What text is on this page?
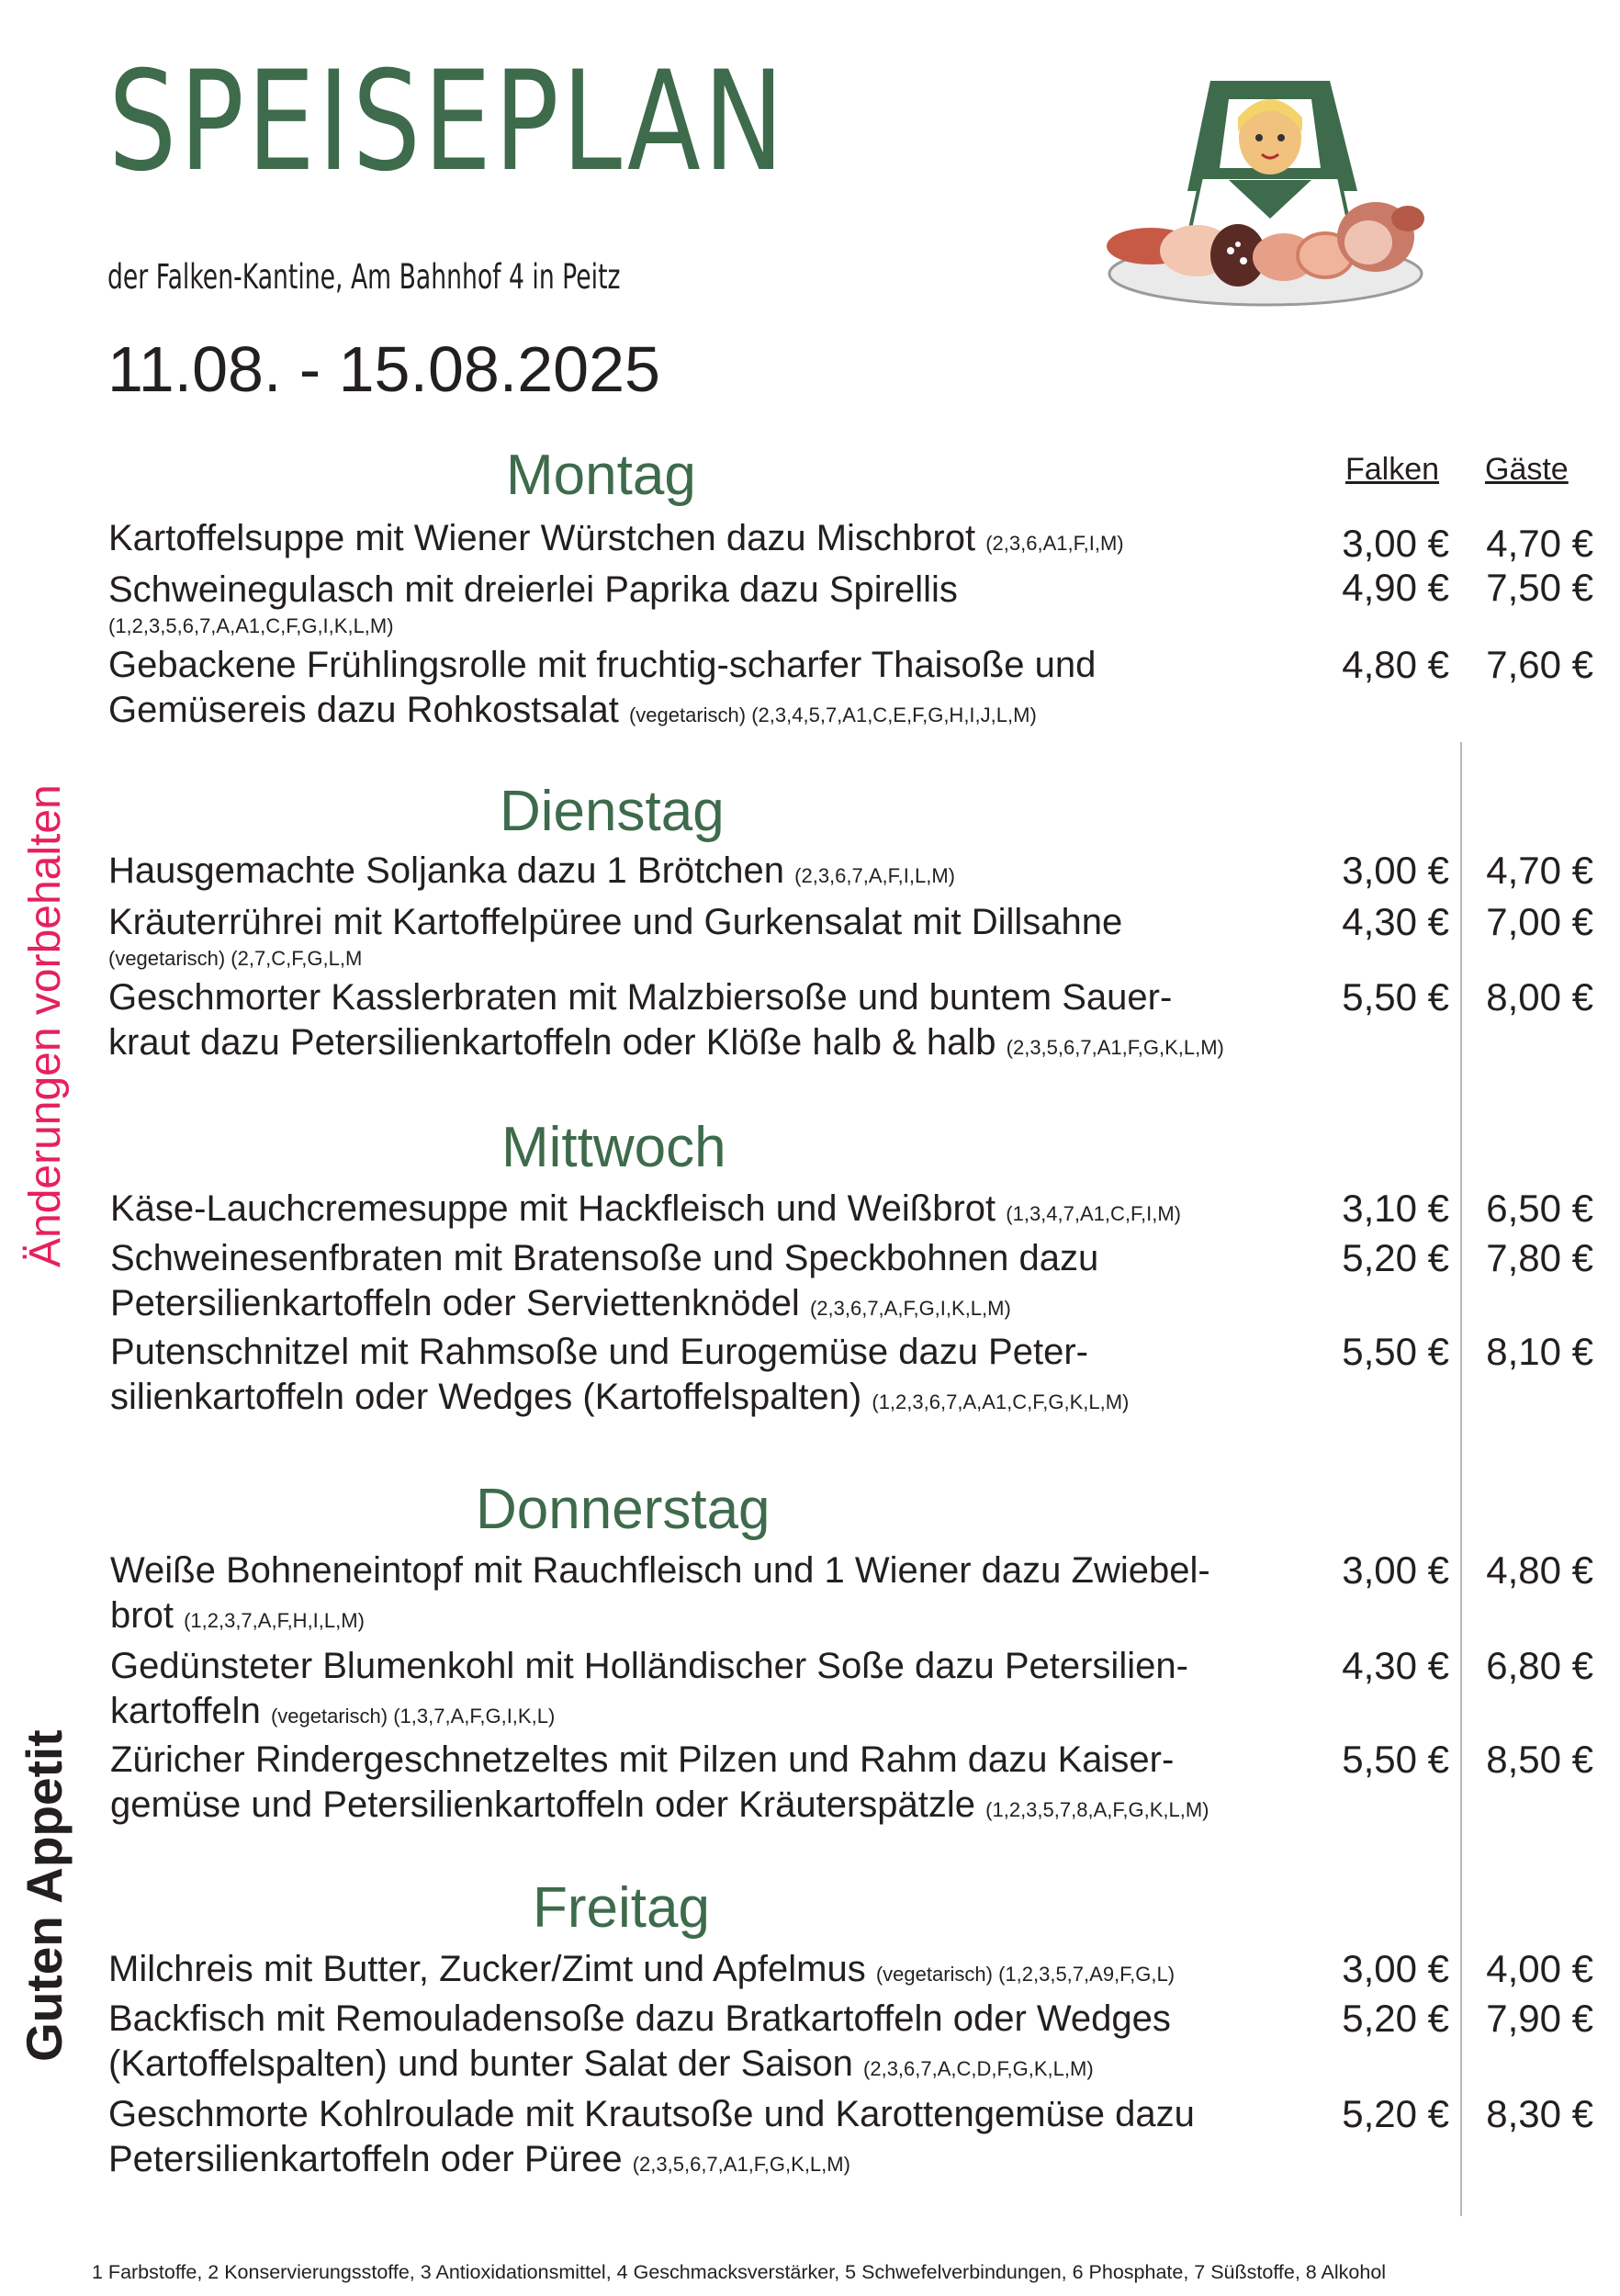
SPEISEPLAN
der Falken-Kantine, Am Bahnhof 4 in Peitz
11.08. - 15.08.2025
Änderungen vorbehalten
Guten Appetit
Falken Gäste
Montag
Kartoffelsuppe mit Wiener Würstchen dazu Mischbrot (2,3,6,A1,F,I,M)	3,00 € 4,70 €
Schweinegulasch mit dreierlei Paprika dazu Spirellis
(1,2,3,5,6,7,A,A1,C,F,G,I,K,L,M)
4,90 € 7,50 €
Gebackene Frühlingsrolle mit fruchtig-scharfer Thaisoße und
Gemüsereis dazu Rohkostsalat (vegetarisch) (2,3,4,5,7,A1,C,E,F,G,H,I,J,L,M)
4,80 € 7,60 €
Dienstag
Hausgemachte Soljanka dazu 1 Brötchen (2,3,6,7,A,F,I,L,M)	3,00 € 4,70 €
Kräuterrührei mit Kartoffelpüree und Gurkensalat mit Dillsahne
(vegetarisch) (2,7,C,F,G,L,M
4,30 € 7,00 €
Geschmorter Kasslerbraten mit Malzbiersoße und buntem Sauer-
kraut dazu Petersilienkartoffeln oder Klöße halb & halb (2,3,5,6,7,A1,F,G,K,L,M)
5,50 € 8,00 €
Mittwoch
Käse-Lauchcremesuppe mit Hackfleisch und Weißbrot (1,3,4,7,A1,C,F,I,M)	3,10 € 6,50 €
Schweinesenfbraten mit Bratensoße und Speckbohnen dazu
Petersilienkartoffeln oder Serviettenknödel (2,3,6,7,A,F,G,I,K,L,M)
5,20 € 7,80 €
Putenschnitzel mit Rahmsoße und Eurogemüse dazu Peter-
silienkartoffeln oder Wedges (Kartoffelspalten) (1,2,3,6,7,A,A1,C,F,G,K,L,M)
5,50 € 8,10 €
Donnerstag
Weiße Bohneneintopf mit Rauchfleisch und 1 Wiener dazu Zwiebel-
brot (1,2,3,7,A,F,H,I,L,M)
3,00 € 4,80 €
Gedünsteter Blumenkohl mit Holländischer Soße dazu Petersilien-
kartoffeln (vegetarisch) (1,3,7,A,F,G,I,K,L)
4,30 € 6,80 €
Züricher Rindergeschnetzeltes mit Pilzen und Rahm dazu Kaiser-
gemüse und Petersilienkartoffeln oder Kräuterspätzle (1,2,3,5,7,8,A,F,G,K,L,M)
5,50 € 8,50 €
Freitag
Milchreis mit Butter, Zucker/Zimt und Apfelmus (vegetarisch) (1,2,3,5,7,A9,F,G,L)	3,00 € 4,00 €
Backfisch mit Remouladensoße dazu Bratkartoffeln oder Wedges
(Kartoffelspalten) und bunter Salat der Saison (2,3,6,7,A,C,D,F,G,K,L,M)
5,20 € 7,90 €
Geschmorte Kohlroulade mit Krautsoße und Karottengemüse dazu
Petersilienkartoffeln oder Püree (2,3,5,6,7,A1,F,G,K,L,M)
5,20 € 8,30 €
1 Farbstoffe, 2 Konservierungsstoffe, 3 Antioxidationsmittel, 4 Geschmacksverstärker, 5 Schwefelverbindungen, 6 Phosphate, 7 Süßstoffe, 8 Alkohol
